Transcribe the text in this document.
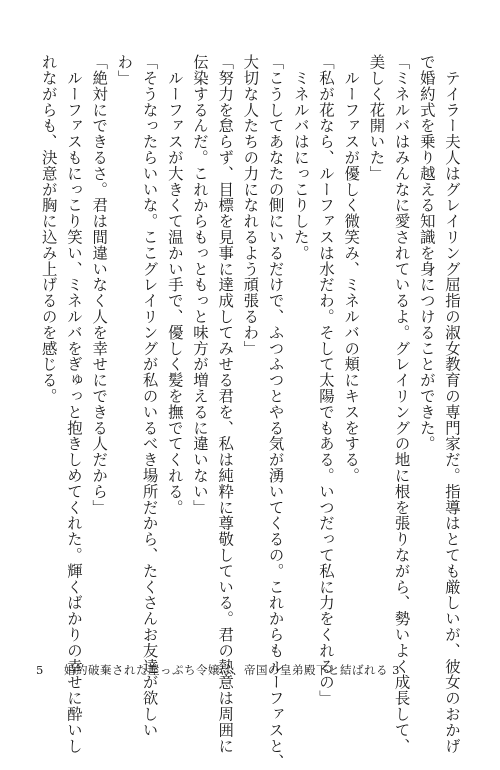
　テイラー夫人はグレイリング屈指の淑女教育の専門家だ。指導はとても厳しいが、彼女のおかげ
で婚約式を乗り越える知識を身につけることができた。
「ミネルバはみんなに愛されているよ。グレイリングの地に根を張りながら、勢いよく成長して、
美しく花開いた」
　ルーファスが優しく微笑み、ミネルバの頬にキスをする。
「私が花なら、ルーファスは水だわ。そして太陽でもある。いつだって私に力をくれるの」
　ミネルバはにっこりした。
「こうしてあなたの側にいるだけで、ふつふつとやる気が湧いてくるの。これからもルーファスと、
大切な人たちの力になれるよう頑張るわ」
「努力を怠らず、目標を見事に達成してみせる君を、私は純粋に尊敬している。君の熱意は周囲に
伝染するんだ。これからもっともっと味方が増えるに違いない」
　ルーファスが大きくて温かい手で、優しく髪を撫でてくれる。
「そうなったらいいな。ここグレイリングが私のいるべき場所だから、たくさんお友達が欲しい
わ」
「絶対にできるさ。君は間違いなく人を幸せにできる人だから」
　ルーファスもにっこり笑い、ミネルバをぎゅっと抱きしめてくれた。輝くばかりの幸せに酔いし
れながらも、決意が胸に込み上げるのを感じる。
5	婚約破棄された崖っぷち令嬢は、帝国の皇弟殿下と結ばれる 3
